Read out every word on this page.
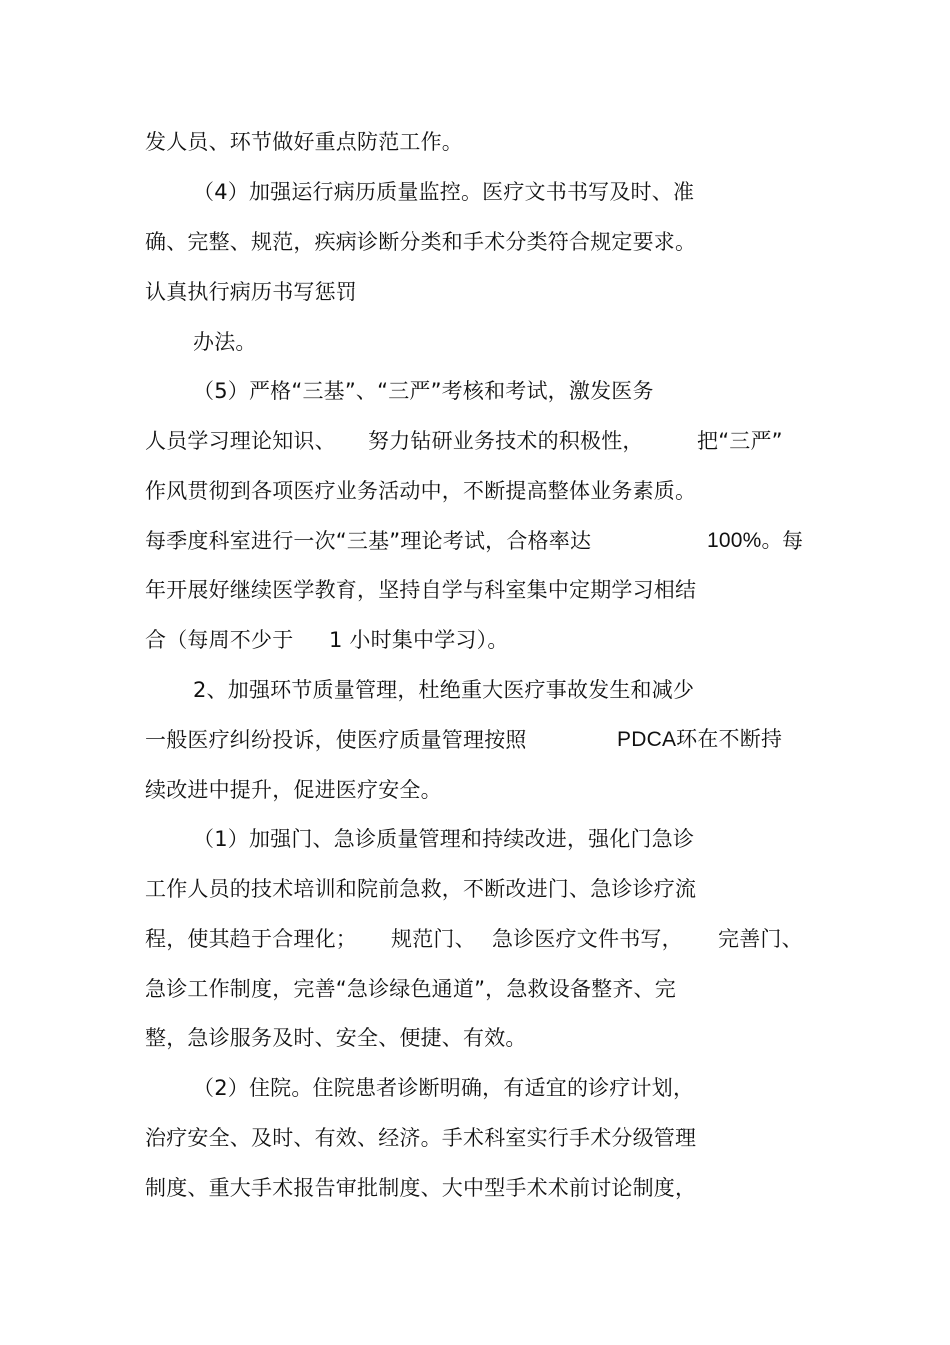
发人员、环节做好重点防范工作。
（4）加强运行病历质量监控。医疗文书书写及时、准
确、完整、规范，疾病诊断分类和手术分类符合规定要求。
认真执行病历书写惩罚
办法。
（5）严格“三基”、“三严”考核和考试，激发医务

人员学习理论知识、

努力钻研业务技术的积极性，

	把“三严”

作风贯彻到各项医疗业务活动中，不断提高整体业务素质。

每季度科室进行一次“三基”理论考试，合格率达

	100%。

每

年开展好继续医学教育，坚持自学与科室集中定期学习相结

合（每周不少于

1 小时集中学习）。

2、加强环节质量管理，杜绝重大医疗事故发生和减少

一般医疗纠纷投诉，使医疗质量管理按照

	PDCA环在不断持

续改进中提升，促进医疗安全。
（1）加强门、急诊质量管理和持续改进，强化门急诊
工作人员的技术培训和院前急救，不断改进门、急诊诊疗流

程，使其趋于合理化；

规范门、

急诊医疗文件书写，

完善门、

急诊工作制度，完善“急诊绿色通道”，急救设备整齐、完
整，急诊服务及时、安全、便捷、有效。
（2）住院。住院患者诊断明确，有适宜的诊疗计划，
治疗安全、及时、有效、经济。手术科室实行手术分级管理
制度、重大手术报告审批制度、大中型手术术前讨论制度，
